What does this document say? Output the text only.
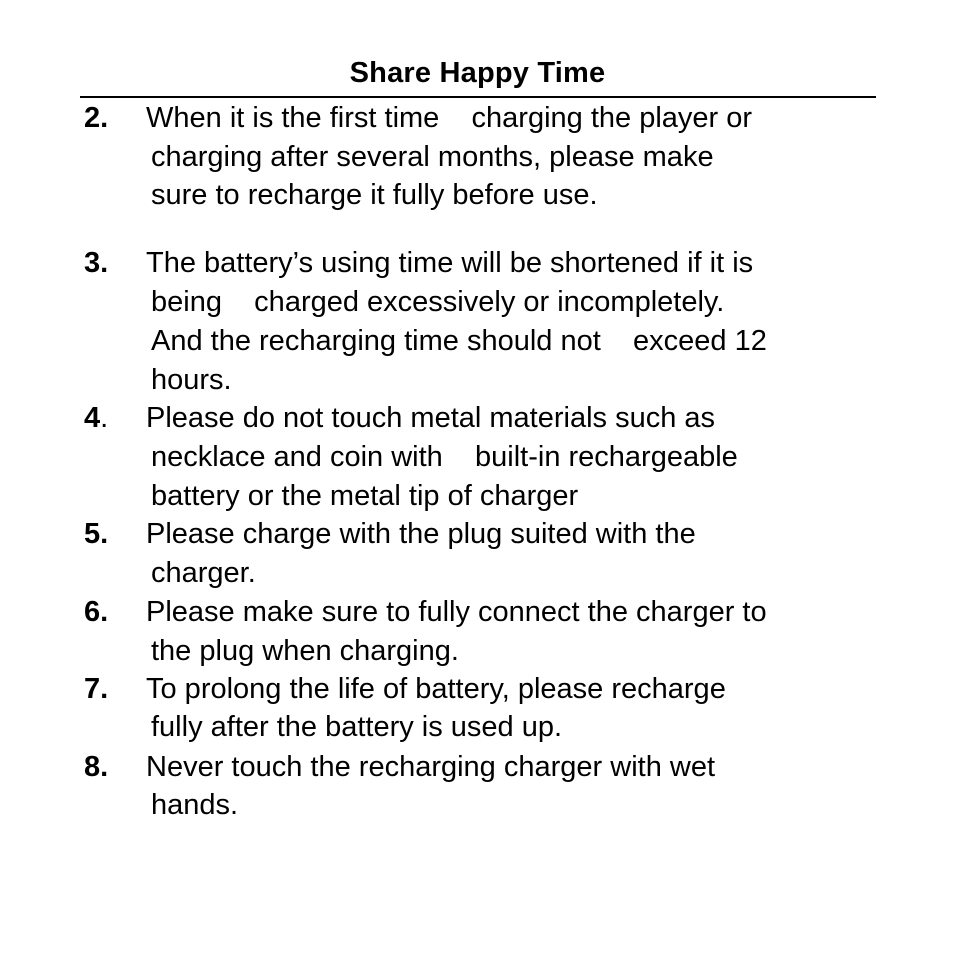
Share Happy Time
2. When it is the first time    charging the player or
charging after several months, please make
sure to recharge it fully before use.
3. The battery’s using time will be shortened if it is
being    charged excessively or incompletely.
And the recharging time should not    exceed 12
hours.
4. Please do not touch metal materials such as
necklace and coin with    built-in rechargeable
battery or the metal tip of charger
5. Please charge with the plug suited with the
charger.
6. Please make sure to fully connect the charger to
the plug when charging.
7. To prolong the life of battery, please recharge
fully after the battery is used up.
8. Never touch the recharging charger with wet
hands.
